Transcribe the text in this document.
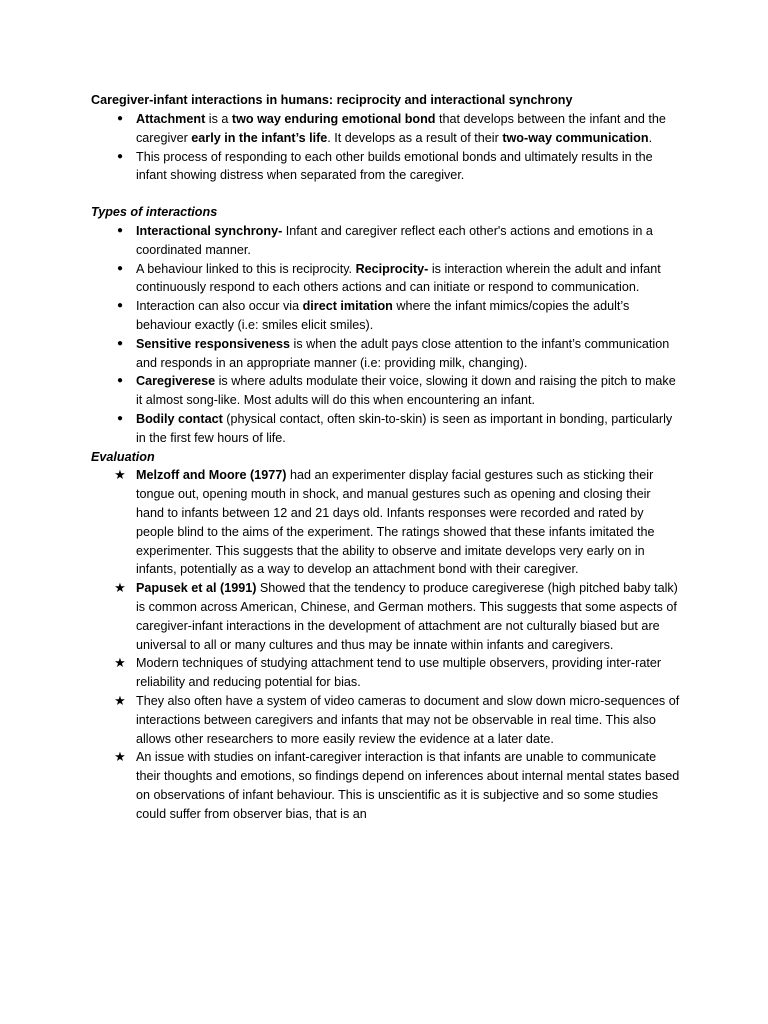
Caregiver-infant interactions in humans: reciprocity and interactional synchrony

●	Attachment is a two way enduring emotional bond that develops between the infant and the caregiver early in the infant’s life. It develops as a result of their two-way communication.
●	This process of responding to each other builds emotional bonds and ultimately results in the infant showing distress when separated from the caregiver.

Types of interactions

●	Interactional synchrony- Infant and caregiver reflect each other's actions and emotions in a coordinated manner.
●	A behaviour linked to this is reciprocity. Reciprocity- is interaction wherein the adult and infant continuously respond to each others actions and can initiate or respond to communication.
●	Interaction can also occur via direct imitation where the infant mimics/copies the adult’s behaviour exactly (i.e: smiles elicit smiles).
●	Sensitive responsiveness is when the adult pays close attention to the infant’s communication and responds in an appropriate manner (i.e: providing milk, changing).
●	Caregiverese is where adults modulate their voice, slowing it down and raising the pitch to make it almost song-like. Most adults will do this when encountering an infant.
●	Bodily contact (physical contact, often skin-to-skin) is seen as important in bonding, particularly in the first few hours of life.

Evaluation

★ Melzoff and Moore (1977) had an experimenter display facial gestures such as sticking their tongue out, opening mouth in shock, and manual gestures such as opening and closing their hand to infants between 12 and 21 days old. Infants responses were recorded and rated by people blind to the aims of the experiment. The ratings showed that these infants imitated the experimenter. This suggests that the ability to observe and imitate develops very early on in infants, potentially as a way to develop an attachment bond with their caregiver.
★ Papusek et al (1991) Showed that the tendency to produce caregiverese (high pitched baby talk) is common across American, Chinese, and German mothers. This suggests that some aspects of caregiver-infant interactions in the development of attachment are not culturally biased but are universal to all or many cultures and thus may be innate within infants and caregivers.
★ Modern techniques of studying attachment tend to use multiple observers, providing inter-rater reliability and reducing potential for bias.
★ They also often have a system of video cameras to document and slow down micro-sequences of interactions between caregivers and infants that may not be observable in real time. This also allows other researchers to more easily review the evidence at a later date.
★ An issue with studies on infant-caregiver interaction is that infants are unable to communicate their thoughts and emotions, so findings depend on inferences about internal mental states based on observations of infant behaviour. This is unscientific as it is subjective and so some studies could suffer from observer bias, that is an
